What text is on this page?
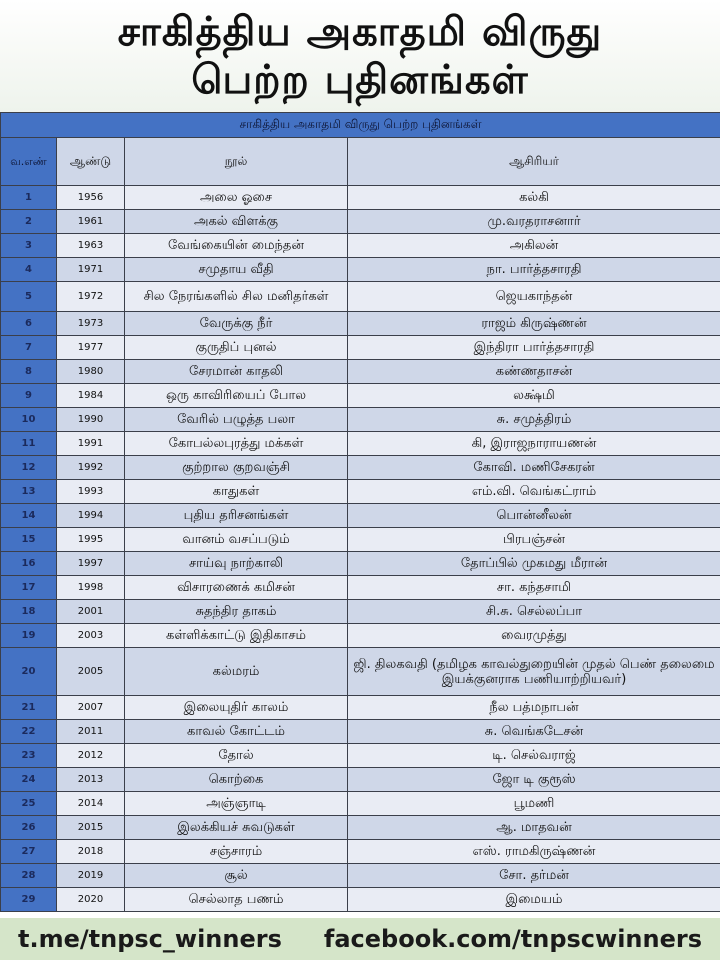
சாகித்திய அகாதமி விருது
பெற்ற புதினங்கள்
சாகித்திய அகாதமி விருது பெற்ற புதினங்கள்			
வ.எண்	ஆண்டு	நூல்	ஆசிரியர்
1	1956	அலை ஓசை	கல்கி
2	1961	அகல் விளக்கு	மு.வரதராசனார்
3	1963	வேங்கையின் மைந்தன்	அகிலன்
4	1971	சமுதாய வீதி	நா. பார்த்தசாரதி
5	1972	சில நேரங்களில் சில மனிதர்கள்	ஜெயகாந்தன்
6	1973	வேருக்கு நீர்	ராஜம் கிருஷ்ணன்
7	1977	குருதிப் புனல்	இந்திரா பார்த்தசாரதி
8	1980	சேரமான் காதலி	கண்ணதாசன்
9	1984	ஒரு காவிரியைப் போல	லக்ஷ்மி
10	1990	வேரில் பழுத்த பலா	சு. சமுத்திரம்
11	1991	கோபல்லபுரத்து மக்கள்	கி, இராஜநாராயணன்
12	1992	குற்றால குறவஞ்சி	கோவி. மணிசேகரன்
13	1993	காதுகள்	எம்.வி. வெங்கட்ராம்
14	1994	புதிய தரிசனங்கள்	பொன்னீலன்
15	1995	வானம் வசப்படும்	பிரபஞ்சன்
16	1997	சாய்வு நாற்காலி	தோப்பில் முகமது மீரான்
17	1998	விசாரணைக் கமிசன்	சா. கந்தசாமி
18	2001	சுதந்திர தாகம்	சி.சு. செல்லப்பா
19	2003	கள்ளிக்காட்டு இதிகாசம்	வைரமுத்து
20	2005	கல்மரம்	ஜி. திலகவதி (தமிழக காவல்துறையின் முதல் பெண் தலைமை இயக்குனராக பணியாற்றியவர்)
21	2007	இலையுதிர் காலம்	நீல பத்மநாபன்
22	2011	காவல் கோட்டம்	சு. வெங்கடேசன்
23	2012	தோல்	டி. செல்வராஜ்
24	2013	கொற்கை	ஜோ டி குரூஸ்
25	2014	அஞ்ஞாடி	பூமணி
26	2015	இலக்கியச் சுவடுகள்	ஆ. மாதவன்
27	2018	சஞ்சாரம்	எஸ். ராமகிருஷ்ணன்
28	2019	சூல்	சோ. தர்மன்
29	2020	செல்லாத பணம்	இமையம்
t.me/tnpsc_winners facebook.com/tnpscwinners
